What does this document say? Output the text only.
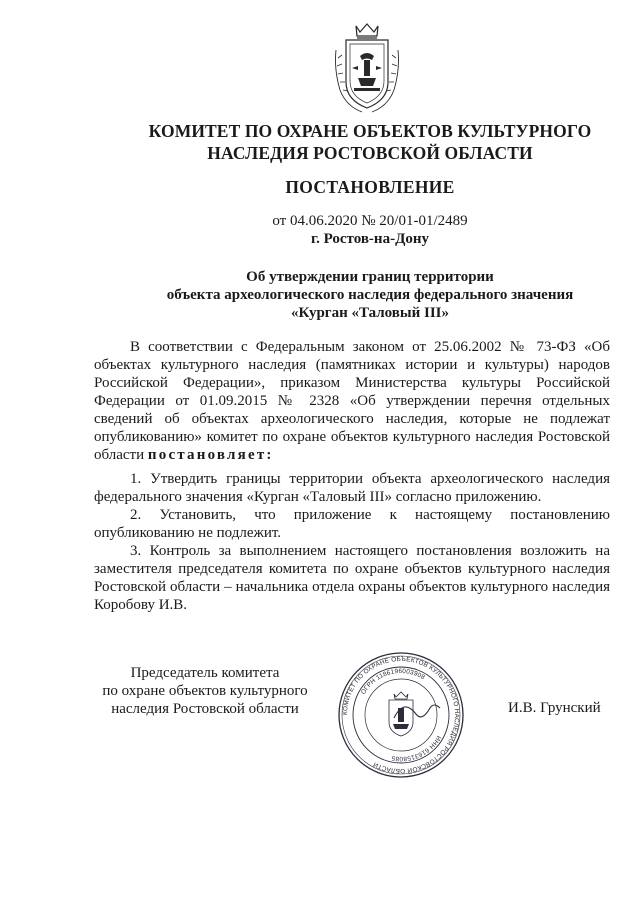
КОМИТЕТ ПО ОХРАНЕ ОБЪЕКТОВ КУЛЬТУРНОГО
НАСЛЕДИЯ РОСТОВСКОЙ ОБЛАСТИ
ПОСТАНОВЛЕНИЕ
от 04.06.2020 № 20/01-01/2489
г. Ростов-на-Дону
Об утверждении границ территории
объекта археологического наследия федерального значения
«Курган «Таловый III»

В соответствии с Федеральным законом от 25.06.2002 № 73-ФЗ «Об объектах культурного наследия (памятниках истории и культуры) народов Российской Федерации», приказом Министерства культуры Российской Федерации от 01.09.2015 № 2328 «Об утверждении перечня отдельных сведений об объектах археологического наследия, которые не подлежат опубликованию» комитет по охране объектов культурного наследия Ростовской области постановляет:

1. Утвердить границы территории объекта археологического наследия федерального значения «Курган «Таловый III» согласно приложению.

2. Установить, что приложение к настоящему постановлению опубликованию не подлежит.

3. Контроль за выполнением настоящего постановления возложить на заместителя председателя комитета по охране объектов культурного наследия Ростовской области – начальника отдела охраны объектов культурного наследия Коробову И.В.

Председатель комитета
по охране объектов культурного
наследия Ростовской области	КОМИТЕТ ПО ОХРАНЕ ОБЪЕКТОВ КУЛЬТУРНОГО НАСЛЕДИЯ РОСТОВСКОЙ ОБЛАСТИ
ОГРН 1186196003908
ИНН 6163158085
И.В. Грунский
